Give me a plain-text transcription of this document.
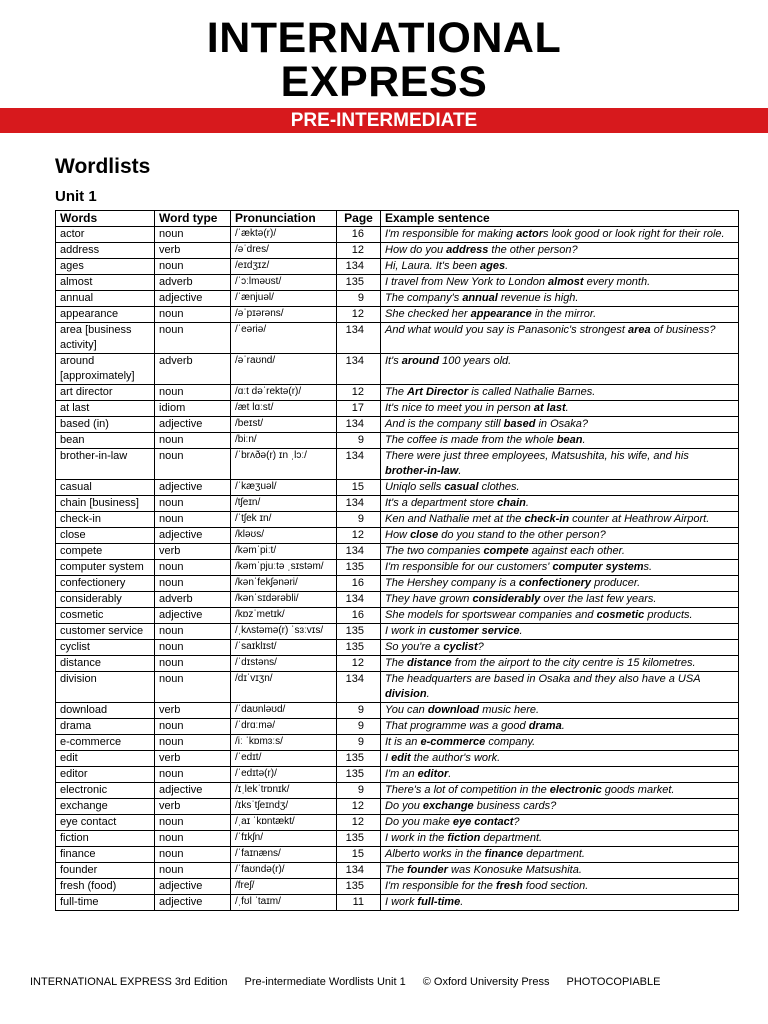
INTERNATIONAL
EXPRESS
PRE-INTERMEDIATE
Wordlists
Unit 1
Words	Word type	Pronunciation	Page	Example sentence
actor	noun	/ˈæktə(r)/	16	I'm responsible for making actors look good or look right for their role.
address	verb	/əˈdres/	12	How do you address the other person?
ages	noun	/eɪdʒɪz/	134	Hi, Laura. It's been ages.
almost	adverb	/ˈɔːlməʊst/	135	I travel from New York to London almost every month.
annual	adjective	/ˈænjuəl/	9	The company's annual revenue is high.
appearance	noun	/əˈpɪərəns/	12	She checked her appearance in the mirror.
area [business activity]	noun	/ˈeəriə/	134	And what would you say is Panasonic's strongest area of business?
around [approximately]	adverb	/əˈraʊnd/	134	It's around 100 years old.
art director	noun	/ɑːt dəˈrektə(r)/	12	The Art Director is called Nathalie Barnes.
at last	idiom	/æt lɑːst/	17	It's nice to meet you in person at last.
based (in)	adjective	/beɪst/	134	And is the company still based in Osaka?
bean	noun	/biːn/	9	The coffee is made from the whole bean.
brother-in-law	noun	/ˈbrʌðə(r) ɪn ˌlɔː/	134	There were just three employees, Matsushita, his wife, and his brother-in-law.
casual	adjective	/ˈkæʒuəl/	15	Uniqlo sells casual clothes.
chain [business]	noun	/tʃeɪn/	134	It's a department store chain.
check-in	noun	/ˈtʃek ɪn/	9	Ken and Nathalie met at the check-in counter at Heathrow Airport.
close	adjective	/kləʊs/	12	How close do you stand to the other person?
compete	verb	/kəmˈpiːt/	134	The two companies compete against each other.
computer system	noun	/kəmˈpjuːtə ˌsɪstəm/	135	I'm responsible for our customers' computer systems.
confectionery	noun	/kənˈfekʃənəri/	16	The Hershey company is a confectionery producer.
considerably	adverb	/kənˈsɪdərəbli/	134	They have grown considerably over the last few years.
cosmetic	adjective	/kɒzˈmetɪk/	16	She models for sportswear companies and cosmetic products.
customer service	noun	/ˌkʌstəmə(r) ˈsɜːvɪs/	135	I work in customer service.
cyclist	noun	/ˈsaɪklɪst/	135	So you're a cyclist?
distance	noun	/ˈdɪstəns/	12	The distance from the airport to the city centre is 15 kilometres.
division	noun	/dɪˈvɪʒn/	134	The headquarters are based in Osaka and they also have a USA division.
download	verb	/ˈdaʊnləʊd/	9	You can download music here.
drama	noun	/ˈdrɑːmə/	9	That programme was a good drama.
e-commerce	noun	/iː ˈkɒmɜːs/	9	It is an e-commerce company.
edit	verb	/ˈedɪt/	135	I edit the author's work.
editor	noun	/ˈedɪtə(r)/	135	I'm an editor.
electronic	adjective	/ɪˌlekˈtrɒnɪk/	9	There's a lot of competition in the electronic goods market.
exchange	verb	/ɪksˈtʃeɪndʒ/	12	Do you exchange business cards?
eye contact	noun	/ˌaɪ ˈkɒntækt/	12	Do you make eye contact?
fiction	noun	/ˈfɪkʃn/	135	I work in the fiction department.
finance	noun	/ˈfaɪnæns/	15	Alberto works in the finance department.
founder	noun	/ˈfaʊndə(r)/	134	The founder was Konosuke Matsushita.
fresh (food)	adjective	/freʃ/	135	I'm responsible for the fresh food section.
full-time	adjective	/ˌfʊl ˈtaɪm/	11	I work full-time.
INTERNATIONAL EXPRESS 3rd Edition Pre-intermediate Wordlists Unit 1 © Oxford University Press PHOTOCOPIABLE
